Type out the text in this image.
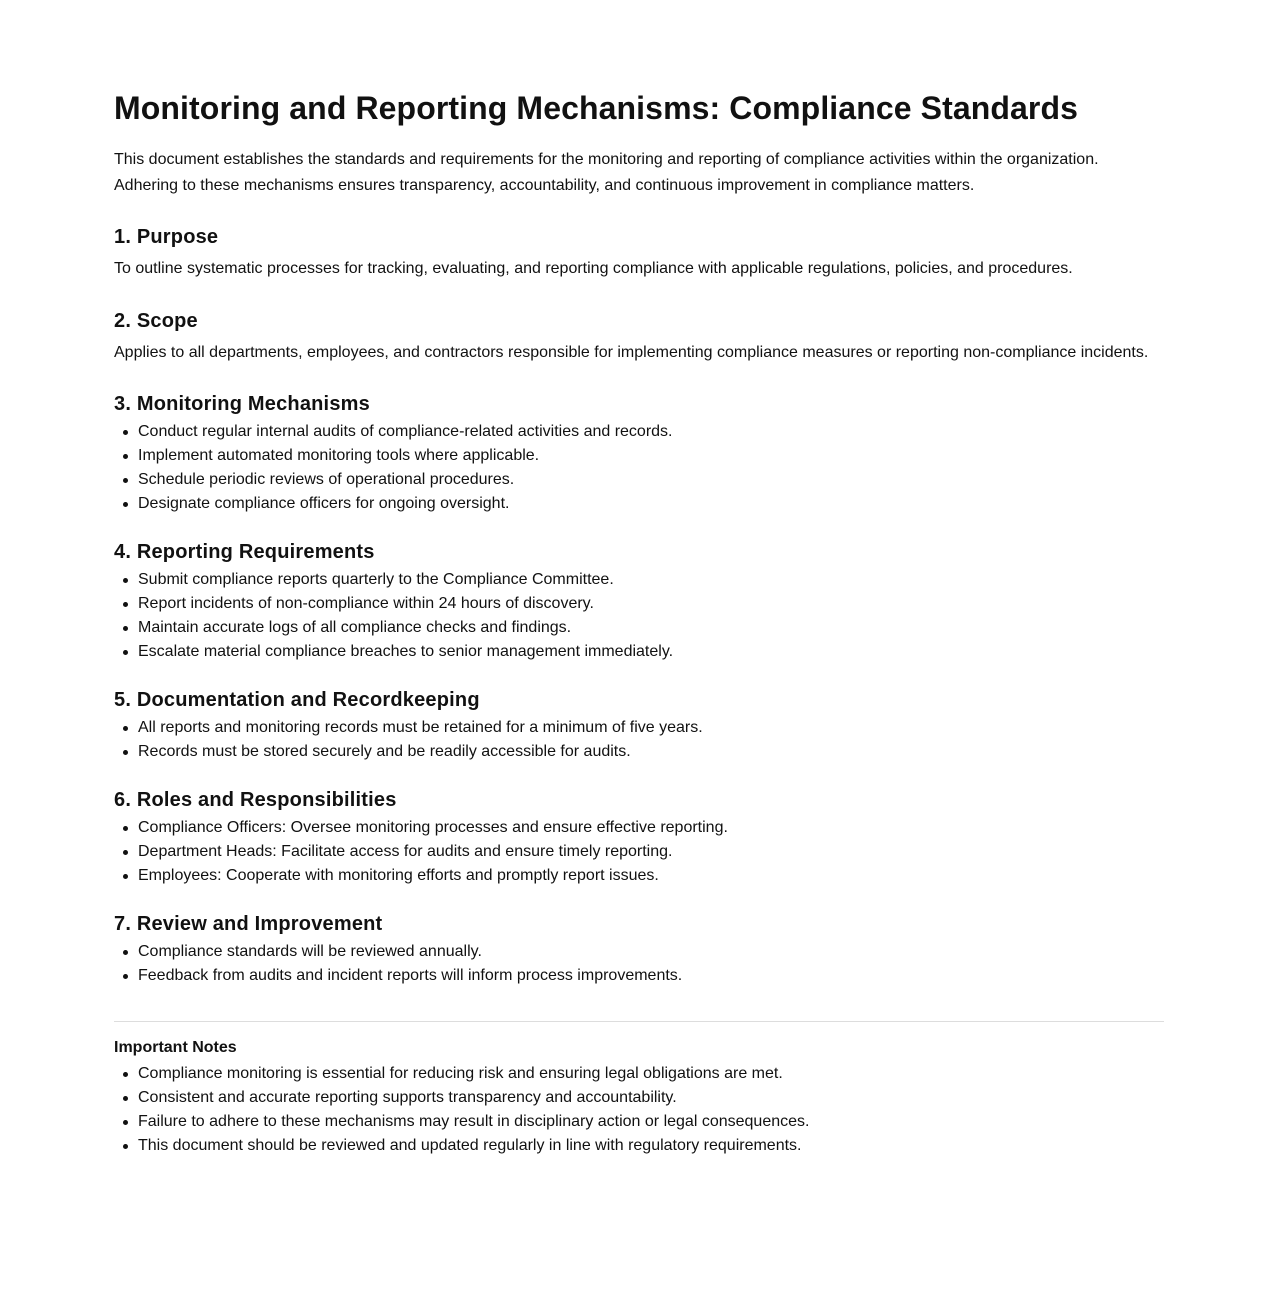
Monitoring and Reporting Mechanisms: Compliance Standards

This document establishes the standards and requirements for the monitoring and reporting of compliance activities within the organization. Adhering to these mechanisms ensures transparency, accountability, and continuous improvement in compliance matters.

1. Purpose

To outline systematic processes for tracking, evaluating, and reporting compliance with applicable regulations, policies, and procedures.

2. Scope

Applies to all departments, employees, and contractors responsible for implementing compliance measures or reporting non-compliance incidents.

3. Monitoring Mechanisms
Conduct regular internal audits of compliance-related activities and records.
Implement automated monitoring tools where applicable.
Schedule periodic reviews of operational procedures.
Designate compliance officers for ongoing oversight.
4. Reporting Requirements
Submit compliance reports quarterly to the Compliance Committee.
Report incidents of non-compliance within 24 hours of discovery.
Maintain accurate logs of all compliance checks and findings.
Escalate material compliance breaches to senior management immediately.
5. Documentation and Recordkeeping
All reports and monitoring records must be retained for a minimum of five years.
Records must be stored securely and be readily accessible for audits.
6. Roles and Responsibilities
Compliance Officers: Oversee monitoring processes and ensure effective reporting.
Department Heads: Facilitate access for audits and ensure timely reporting.
Employees: Cooperate with monitoring efforts and promptly report issues.
7. Review and Improvement
Compliance standards will be reviewed annually.
Feedback from audits and incident reports will inform process improvements.

Important Notes

Compliance monitoring is essential for reducing risk and ensuring legal obligations are met.
Consistent and accurate reporting supports transparency and accountability.
Failure to adhere to these mechanisms may result in disciplinary action or legal consequences.
This document should be reviewed and updated regularly in line with regulatory requirements.
